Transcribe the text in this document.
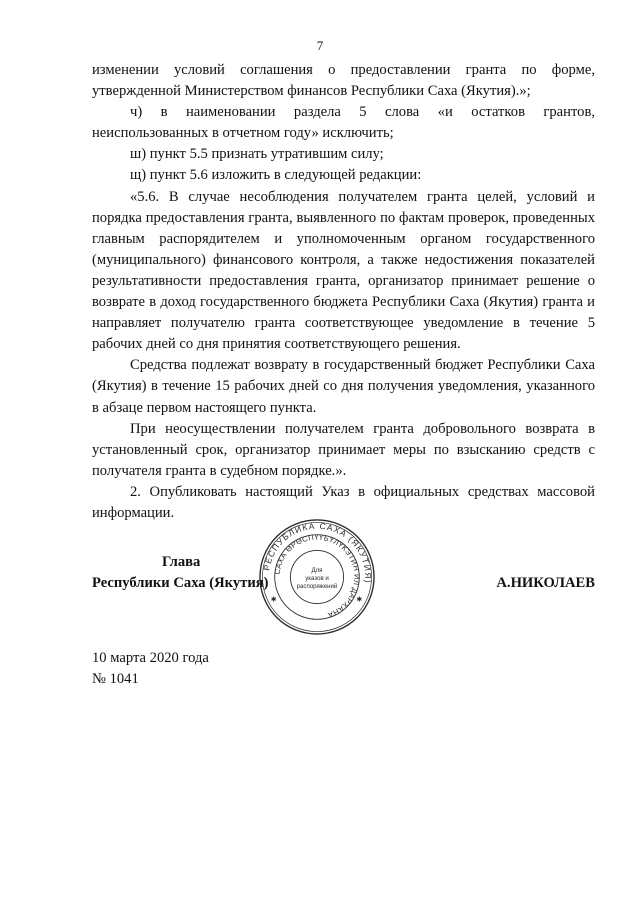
7

изменении условий соглашения о предоставлении гранта по форме, утвержденной Министерством финансов Республики Саха (Якутия).»;

ч) в наименовании раздела 5 слова «и остатков грантов, неиспользованных в отчетном году» исключить;

ш) пункт 5.5 признать утратившим силу;

щ) пункт 5.6 изложить в следующей редакции:

«5.6. В случае несоблюдения получателем гранта целей, условий и порядка предоставления гранта, выявленного по фактам проверок, проведенных главным распорядителем и уполномоченным органом государственного (муниципального) финансового контроля, а также недостижения показателей результативности предоставления гранта, организатор принимает решение о возврате в доход государственного бюджета Республики Саха (Якутия) гранта и направляет получателю гранта соответствующее уведомление в течение 5 рабочих дней со дня принятия соответствующего решения.

Средства подлежат возврату в государственный бюджет Республики Саха (Якутия) в течение 15 рабочих дней со дня получения уведомления, указанного в абзаце первом настоящего пункта.

При неосуществлении получателем гранта добровольного возврата в установленный срок, организатор принимает меры по взысканию средств с получателя гранта в судебном порядке.».

2. Опубликовать настоящий Указ в официальных средствах массовой информации.

Глава
Республики Саха (Якутия)	А.НИКОЛАЕВ
РЕСПУБЛИКА САХА (ЯКУТИЯ)
САХА ӨРӨСПҮҮБҮЛҮКЭТИН ИЛ ДАРХАНА
Для
указов и
распоряжений
✱	✱
10 марта 2020 года
№ 1041
